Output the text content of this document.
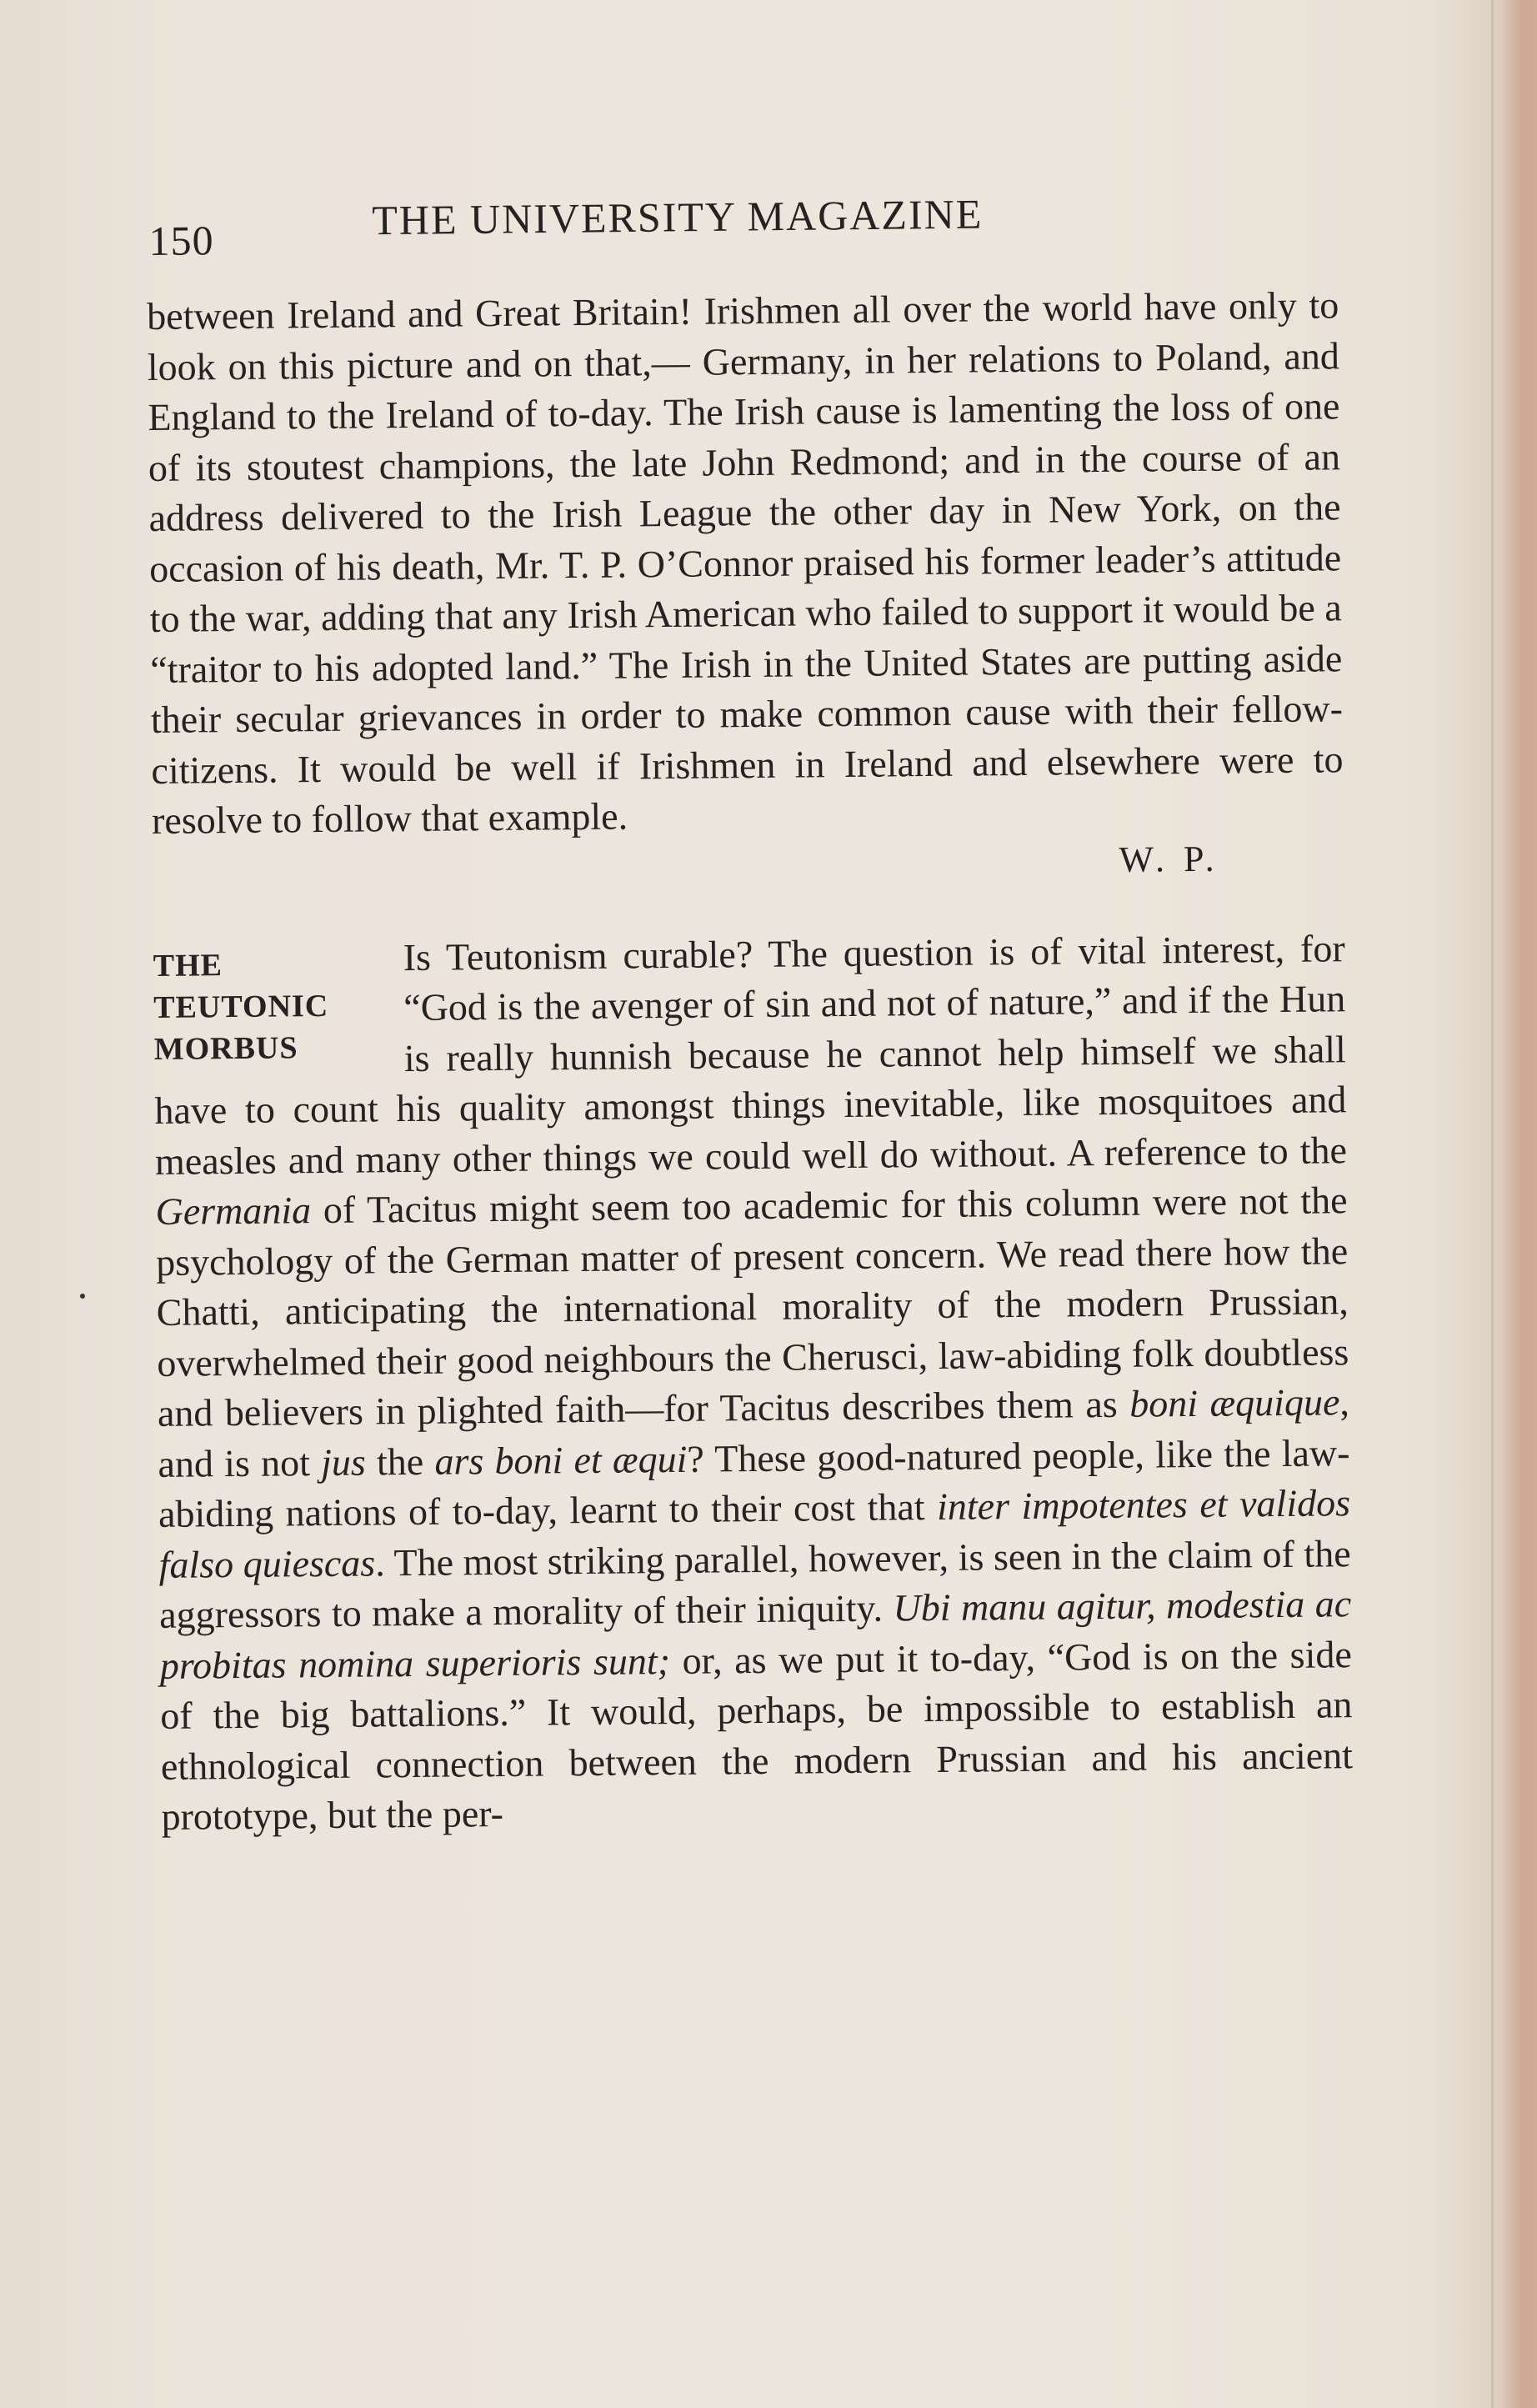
150	THE UNIVERSITY MAGAZINE

between Ireland and Great Britain! Irishmen all over the world have only to look on this picture and on that,— Germany, in her relations to Poland, and England to the Ireland of to-day. The Irish cause is lamenting the loss of one of its stoutest champions, the late John Redmond; and in the course of an address delivered to the Irish League the other day in New York, on the occasion of his death, Mr. T. P. O’Connor praised his former leader’s attitude to the war, adding that any Irish American who failed to support it would be a “traitor to his adopted land.” The Irish in the United States are putting aside their secular grievances in order to make common cause with their fellow-citizens. It would be well if Irishmen in Ireland and elsewhere were to resolve to follow that example.

W. P.
THE
TEUTONIC
MORBUS

Is Teutonism curable? The question is of vital interest, for “God is the avenger of sin and not of nature,” and if the Hun is really hunnish because he cannot help himself we shall have to count his quality amongst things inevitable, like mosquitoes and measles and many other things we could well do without. A reference to the Germania of Tacitus might seem too academic for this column were not the psychology of the German matter of present concern. We read there how the Chatti, anticipating the international morality of the modern Prussian, overwhelmed their good neighbours the Cherusci, law-abiding folk doubtless and believers in plighted faith—for Tacitus describes them as boni æquique, and is not jus the ars boni et æqui? These good-natured people, like the law-abiding nations of to-day, learnt to their cost that inter impotentes et validos falso quiescas. The most striking parallel, however, is seen in the claim of the aggressors to make a morality of their iniquity. Ubi manu agitur, modestia ac probitas nomina superioris sunt; or, as we put it to-day, “God is on the side of the big battalions.” It would, perhaps, be impossible to establish an ethnological connection between the modern Prussian and his ancient prototype, but the per-
